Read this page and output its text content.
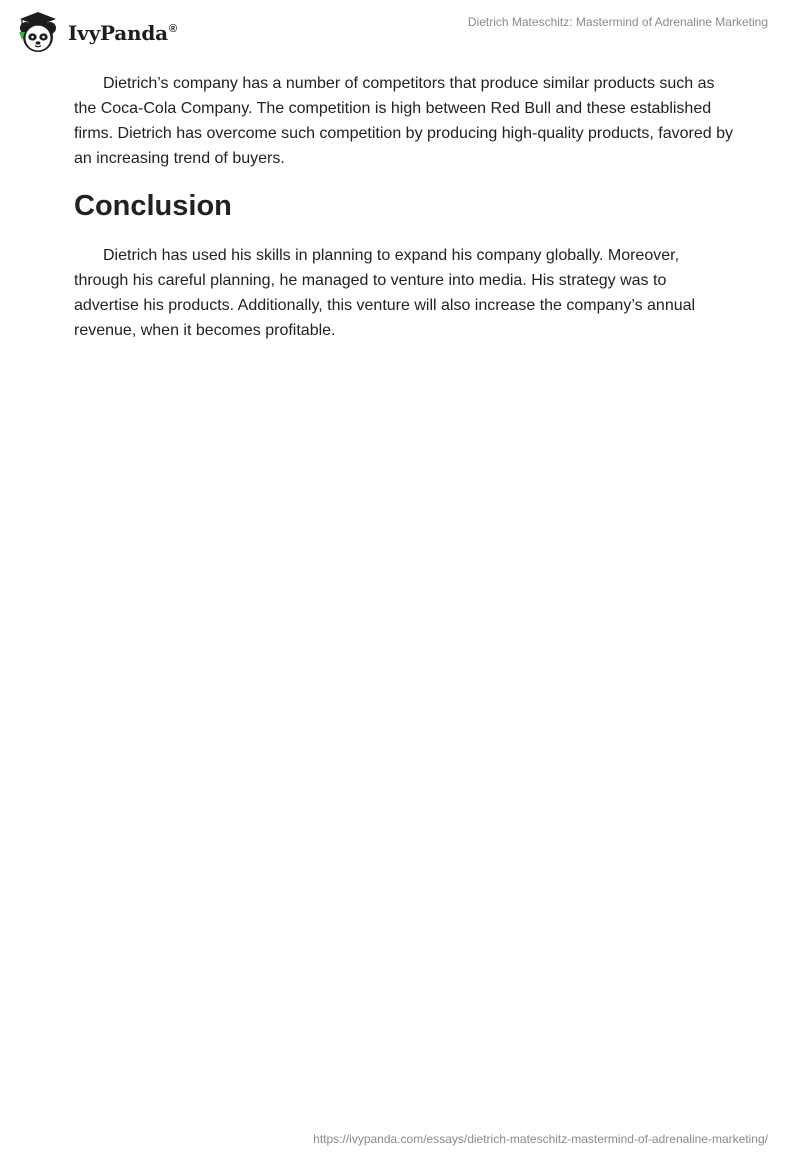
IvyPanda®	Dietrich Mateschitz: Mastermind of Adrenaline Marketing

Dietrich’s company has a number of competitors that produce similar products such as the Coca-Cola Company. The competition is high between Red Bull and these established firms. Dietrich has overcome such competition by producing high-quality products, favored by an increasing trend of buyers.

Conclusion

Dietrich has used his skills in planning to expand his company globally. Moreover, through his careful planning, he managed to venture into media. His strategy was to advertise his products. Additionally, this venture will also increase the company’s annual revenue, when it becomes profitable.

https://ivypanda.com/essays/dietrich-mateschitz-mastermind-of-adrenaline-marketing/
